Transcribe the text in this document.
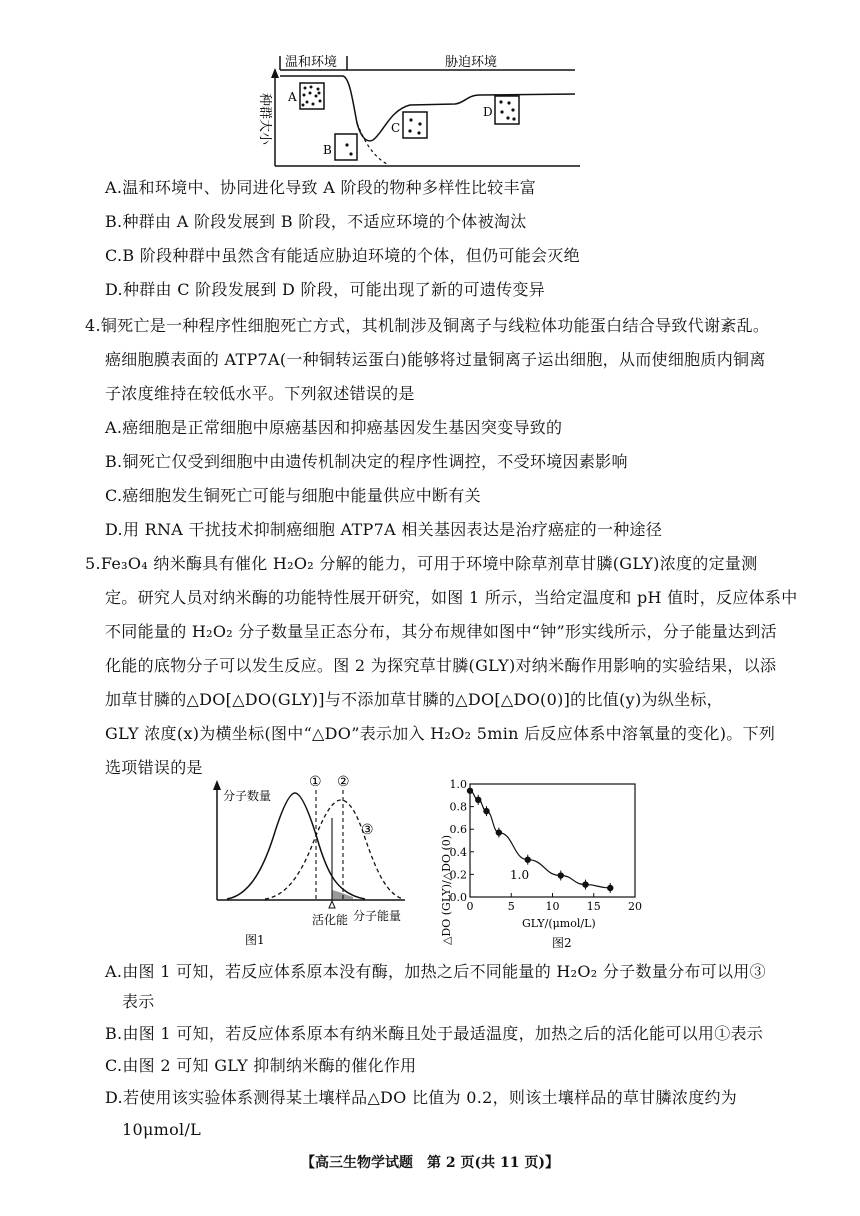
温和环境	胁迫环境
种群大小 A
B
C
D
A.温和环境中、协同进化导致 A 阶段的物种多样性比较丰富
B.种群由 A 阶段发展到 B 阶段，不适应环境的个体被淘汰
C.B 阶段种群中虽然含有能适应胁迫环境的个体，但仍可能会灭绝
D.种群由 C 阶段发展到 D 阶段，可能出现了新的可遗传变异
4.铜死亡是一种程序性细胞死亡方式，其机制涉及铜离子与线粒体功能蛋白结合导致代谢紊乱。
癌细胞膜表面的 ATP7A(一种铜转运蛋白)能够将过量铜离子运出细胞，从而使细胞质内铜离
子浓度维持在较低水平。下列叙述错误的是
A.癌细胞是正常细胞中原癌基因和抑癌基因发生基因突变导致的
B.铜死亡仅受到细胞中由遗传机制决定的程序性调控，不受环境因素影响
C.癌细胞发生铜死亡可能与细胞中能量供应中断有关
D.用 RNA 干扰技术抑制癌细胞 ATP7A 相关基因表达是治疗癌症的一种途径
5.Fe₃O₄ 纳米酶具有催化 H₂O₂ 分解的能力，可用于环境中除草剂草甘膦(GLY)浓度的定量测
定。研究人员对纳米酶的功能特性展开研究，如图 1 所示，当给定温度和 pH 值时，反应体系中
不同能量的 H₂O₂ 分子数量呈正态分布，其分布规律如图中“钟”形实线所示，分子能量达到活
化能的底物分子可以发生反应。图 2 为探究草甘膦(GLY)对纳米酶作用影响的实验结果，以添
加草甘膦的△DO[△DO(GLY)]与不添加草甘膦的△DO[△DO(0)]的比值(y)为纵坐标，
GLY 浓度(x)为横坐标(图中“△DO”表示加入 H₂O₂ 5min 后反应体系中溶氧量的变化)。下列
选项错误的是
分子数量
分子能量
① ②
③
活化能
图1	△DO (GLY)/△DO (0) 0	5	10 15 20
0.0
0.2
0.4
0.6
0.8
1.0
1.0
GLY/(μmol/L)
图2
A.由图 1 可知，若反应体系原本没有酶，加热之后不同能量的 H₂O₂ 分子数量分布可以用③
表示
B.由图 1 可知，若反应体系原本有纳米酶且处于最适温度，加热之后的活化能可以用①表示
C.由图 2 可知 GLY 抑制纳米酶的催化作用
D.若使用该实验体系测得某土壤样品△DO 比值为 0.2，则该土壤样品的草甘膦浓度约为
10μmol/L
【高三生物学试题　第 2 页(共 11 页)】
